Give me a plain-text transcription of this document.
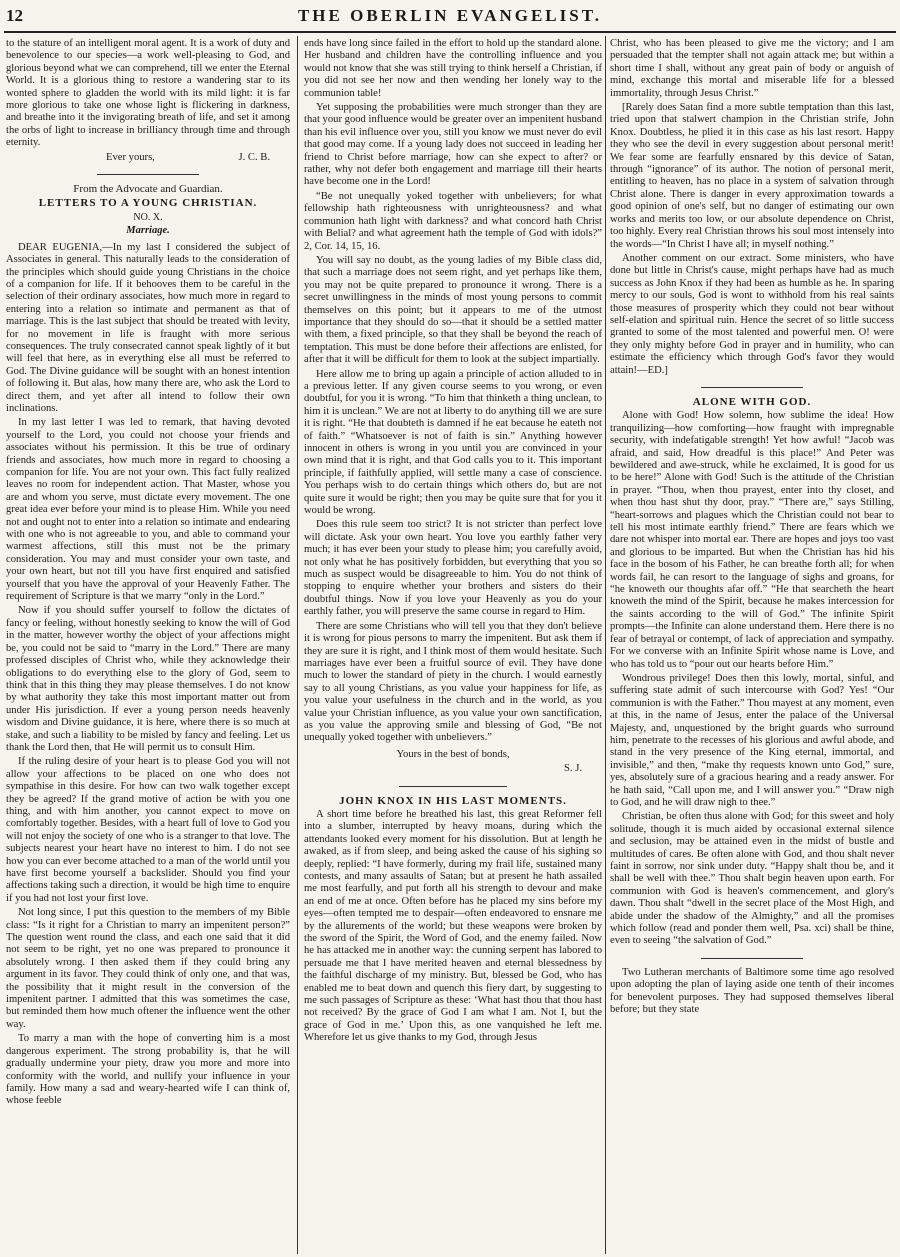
12	THE OBERLIN EVANGELIST.

to the stature of an intelligent moral agent. It is a work of duty and benevolence to our species—a work well-pleasing to God, and glorious beyond what we can comprehend, till we enter the Eternal World. It is a glorious thing to restore a wandering star to its wonted sphere to gladden the world with its mild light: it is far more glorious to take one whose light is flickering in darkness, and breathe into it the invigorating breath of life, and set it among the orbs of light to increase in brilliancy through time and through eternity.

Ever yours,	J. C. B.

From the Advocate and Guardian.

LETTERS TO A YOUNG CHRISTIAN.

NO. X.

Marriage.

DEAR EUGENIA,—In my last I considered the subject of Associates in general. This naturally leads to the consideration of the principles which should guide young Christians in the choice of a companion for life. If it behooves them to be careful in the selection of their ordinary associates, how much more in regard to entering into a relation so intimate and permanent as that of marriage. This is the last subject that should be treated with levity, for no movement in life is fraught with more serious consequences. The truly consecrated cannot speak lightly of it but will feel that here, as in everything else all must be referred to God. The Divine guidance will be sought with an honest intention of following it. But alas, how many there are, who ask the Lord to direct them, and yet after all intend to follow their own inclinations.

In my last letter I was led to remark, that having devoted yourself to the Lord, you could not choose your friends and associates without his permission. It this be true of ordinary friends and associates, how much more in regard to choosing a companion for life. You are not your own. This fact fully realized leaves no room for independent action. That Master, whose you are and whom you serve, must dictate every movement. The one great idea ever before your mind is to please Him. While you need not and ought not to enter into a relation so intimate and endearing with one who is not agreeable to you, and able to command your warmest affections, still this must not be the primary consideration. You may and must consider your own taste, and your own heart, but not till you have first enquired and satisfied yourself that you have the approval of your Heavenly Father. The requirement of Scripture is that we marry “only in the Lord.”

Now if you should suffer yourself to follow the dictates of fancy or feeling, without honestly seeking to know the will of God in the matter, however worthy the object of your affections might be, you could not be said to “marry in the Lord.” There are many professed disciples of Christ who, while they acknowledge their obligations to do everything else to the glory of God, seem to think that in this thing they may please themselves. I do not know by what authority they take this most important matter out from under His jurisdiction. If ever a young person needs heavenly wisdom and Divine guidance, it is here, where there is so much at stake, and such a liability to be misled by fancy and feeling. Let us thank the Lord then, that He will permit us to consult Him.

If the ruling desire of your heart is to please God you will not allow your affections to be placed on one who does not sympathise in this desire. For how can two walk together except they be agreed? If the grand motive of action be with you one thing, and with him another, you cannot expect to move on comfortably together. Besides, with a heart full of love to God you will not enjoy the society of one who is a stranger to that love. The subjects nearest your heart have no interest to him. I do not see how you can ever become attached to a man of the world until you have first become yourself a backslider. Should you find your affections taking such a direction, it would be high time to enquire if you had not lost your first love.

Not long since, I put this question to the members of my Bible class: “Is it right for a Christian to marry an impenitent person?” The question went round the class, and each one said that it did not seem to be right, yet no one was prepared to pronounce it absolutely wrong. I then asked them if they could bring any argument in its favor. They could think of only one, and that was, the possibility that it might result in the conversion of the impenitent partner. I admitted that this was sometimes the case, but reminded them how much oftener the influence went the other way.

To marry a man with the hope of converting him is a most dangerous experiment. The strong probability is, that he will gradually undermine your piety, draw you more and more into conformity with the world, and nullify your influence in your family. How many a sad and weary-hearted wife I can think of, whose feeble

ends have long since failed in the effort to hold up the standard alone. Her husband and children have the controlling influence and you would not know that she was still trying to think herself a Christian, if you did not see her now and then wending her lonely way to the communion table!

Yet supposing the probabilities were much stronger than they are that your good influence would be greater over an impenitent husband than his evil influence over you, still you know we must never do evil that good may come. If a young lady does not succeed in leading her friend to Christ before marriage, how can she expect to after? or rather, why not defer both engagement and marriage till their hearts have become one in the Lord!

“Be not unequally yoked together with unbelievers; for what fellowship hath righteousness with unrighteousness? and what communion hath light with darkness? and what concord hath Christ with Belial? and what agreement hath the temple of God with idols?” 2, Cor. 14, 15, 16.

You will say no doubt, as the young ladies of my Bible class did, that such a marriage does not seem right, and yet perhaps like them, you may not be quite prepared to pronounce it wrong. There is a secret unwillingness in the minds of most young persons to commit themselves on this point; but it appears to me of the utmost importance that they should do so—that it should be a settled matter with them, a fixed principle, so that they shall be beyond the reach of temptation. This must be done before their affections are enlisted, for after that it will be difficult for them to look at the subject impartially.

Here allow me to bring up again a principle of action alluded to in a previous letter. If any given course seems to you wrong, or even doubtful, for you it is wrong. “To him that thinketh a thing unclean, to him it is unclean.” We are not at liberty to do anything till we are sure it is right. “He that doubteth is damned if he eat because he eateth not of faith.” “Whatsoever is not of faith is sin.” Anything however innocent in others is wrong in you until you are convinced in your own mind that it is right, and that God calls you to it. This important principle, if faithfully applied, will settle many a case of conscience. You perhaps wish to do certain things which others do, but are not quite sure it would be right; then you may be quite sure that for you it would be wrong.

Does this rule seem too strict? It is not stricter than perfect love will dictate. Ask your own heart. You love you earthly father very much; it has ever been your study to please him; you carefully avoid, not only what he has positively forbidden, but everything that you so much as suspect would be disagreeable to him. You do not think of stopping to enquire whether your brothers and sisters do their doubtful things. Now if you love your Heavenly as you do your earthly father, you will preserve the same course in regard to Him.

There are some Christians who will tell you that they don't believe it is wrong for pious persons to marry the impenitent. But ask them if they are sure it is right, and I think most of them would hesitate. Such marriages have ever been a fruitful source of evil. They have done much to lower the standard of piety in the church. I would earnestly say to all young Christians, as you value your happiness for life, as you value your usefulness in the church and in the world, as you value your Christian influence, as you value your own sanctification, as you value the approving smile and blessing of God, “Be not unequally yoked together with unbelievers.”

Yours in the best of bonds,

S. J.

JOHN KNOX IN HIS LAST MOMENTS.

A short time before he breathed his last, this great Reformer fell into a slumber, interrupted by heavy moans, during which the attendants looked every moment for his dissolution. But at length he awaked, as if from sleep, and being asked the cause of his sighing so deeply, replied: “I have formerly, during my frail life, sustained many contests, and many assaults of Satan; but at present he hath assailed me most fearfully, and put forth all his strength to devour and make an end of me at once. Often before has he placed my sins before my eyes—often tempted me to despair—often endeavored to ensnare me by the allurements of the world; but these weapons were broken by the sword of the Spirit, the Word of God, and the enemy failed. Now he has attacked me in another way: the cunning serpent has labored to persuade me that I have merited heaven and eternal blessedness by the faithful discharge of my ministry. But, blessed be God, who has enabled me to beat down and quench this fiery dart, by suggesting to me such passages of Scripture as these: ‘What hast thou that thou hast not received? By the grace of God I am what I am. Not I, but the grace of God in me.’ Upon this, as one vanquished he left me. Wherefore let us give thanks to my God, through Jesus

Christ, who has been pleased to give me the victory; and I am persuaded that the tempter shall not again attack me; but within a short time I shall, without any great pain of body or anguish of mind, exchange this mortal and miserable life for a blessed immortality, through Jesus Christ.”

[Rarely does Satan find a more subtle temptation than this last, tried upon that stalwert champion in the Christian strife, John Knox. Doubtless, he plied it in this case as his last resort. Happy they who see the devil in every suggestion about personal merit! We fear some are fearfully ensnared by this device of Satan, through “ignorance” of its author. The notion of personal merit, entitling to heaven, has no place in a system of salvation through Christ alone. There is danger in every approximation towards a good opinion of one's self, but no danger of estimating our own works and merits too low, or our absolute dependence on Christ, too highly. Every real Christian throws his soul most intensely into the words—“In Christ I have all; in myself nothing.”

Another comment on our extract. Some ministers, who have done but little in Christ's cause, might perhaps have had as much success as John Knox if they had been as humble as he. In sparing mercy to our souls, God is wont to withhold from his real saints those measures of prosperity which they could not bear without self-elation and spiritual ruin. Hence the secret of so little success granted to some of the most talented and powerful men. O! were they only mighty before God in prayer and in humility, who can estimate the efficiency which through God's favor they would attain!—ED.]

ALONE WITH GOD.

Alone with God! How solemn, how sublime the idea! How tranquilizing—how comforting—how fraught with impregnable security, with indefatigable strength! Yet how awful! “Jacob was afraid, and said, How dreadful is this place!” And Peter was bewildered and awe-struck, while he exclaimed, It is good for us to be here!” Alone with God! Such is the attitude of the Christian in prayer. “Thou, when thou prayest, enter into thy closet, and when thou hast shut thy door, pray.” “There are,” says Stilling, “heart-sorrows and plagues which the Christian could not bear to tell his most intimate earthly friend.” There are fears which we dare not whisper into mortal ear. There are hopes and joys too vast and glorious to be imparted. But when the Christian has hid his face in the bosom of his Father, he can breathe forth all; for when words fail, he can resort to the language of sighs and groans, for “he knoweth our thoughts afar off.” “He that searcheth the heart knoweth the mind of the Spirit, because he makes intercession for the saints according to the will of God.” The infinite Spirit prompts—the Infinite can alone understand them. Here there is no fear of betrayal or contempt, of lack of appreciation and sympathy. For we converse with an Infinite Spirit whose name is Love, and who has told us to “pour out our hearts before Him.”

Wondrous privilege! Does then this lowly, mortal, sinful, and suffering state admit of such intercourse with God? Yes! “Our communion is with the Father.” Thou mayest at any moment, even at this, in the name of Jesus, enter the palace of the Universal Majesty, and, unquestioned by the bright guards who surround him, penetrate to the recesses of his glorious and awful abode, and stand in the very presence of the King eternal, immortal, and invisible,” and then, “make thy requests known unto God,” sure, yes, absolutely sure of a gracious hearing and a ready answer. For he hath said, “Call upon me, and I will answer you.” “Draw nigh to God, and he will draw nigh to thee.”

Christian, be often thus alone with God; for this sweet and holy solitude, though it is much aided by occasional external silence and seclusion, may be attained even in the midst of bustle and multitudes of cares. Be often alone with God, and thou shalt never faint in sorrow, nor sink under duty. “Happy shalt thou be, and it shall be well with thee.” Thou shalt begin heaven upon earth. For communion with God is heaven's commencement, and glory's dawn. Thou shalt “dwell in the secret place of the Most High, and abide under the shadow of the Almighty,” and all the promises which follow (read and ponder them well, Psa. xci) shall be thine, even to seeing “the salvation of God.”

Two Lutheran merchants of Baltimore some time ago resolved upon adopting the plan of laying aside one tenth of their incomes for benevolent purposes. They had supposed themselves liberal before; but they state
